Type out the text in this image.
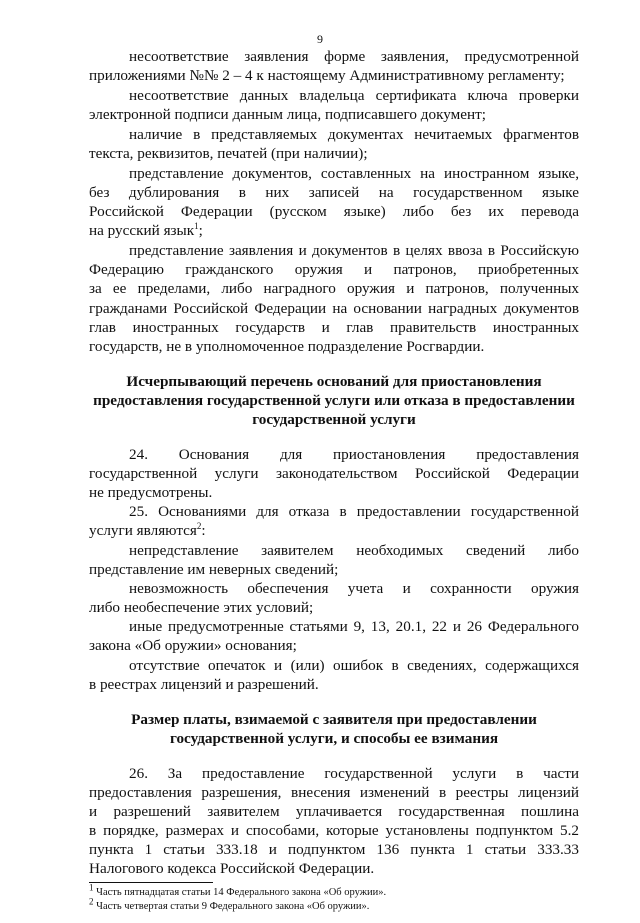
9
несоответствие заявления форме заявления, предусмотренной
приложениями №№ 2 – 4 к настоящему Административному регламенту;
несоответствие данных владельца сертификата ключа проверки
электронной подписи данным лица, подписавшего документ;
наличие в представляемых документах нечитаемых фрагментов
текста, реквизитов, печатей (при наличии);
представление документов, составленных на иностранном языке,
без дублирования в них записей на государственном языке
Российской Федерации (русском языке) либо без их перевода
на русский язык$^1$;
представление заявления и документов в целях ввоза в Российскую
Федерацию гражданского оружия и патронов, приобретенных
за ее пределами, либо наградного оружия и патронов, полученных
гражданами Российской Федерации на основании наградных документов
глав иностранных государств и глав правительств иностранных
государств, не в уполномоченное подразделение Росгвардии.
Исчерпывающий перечень оснований для приостановления
предоставления государственной услуги или отказа в предоставлении
государственной услуги
24. Основания для приостановления предоставления
государственной услуги законодательством Российской Федерации
не предусмотрены.
25. Основаниями для отказа в предоставлении государственной
услуги являются$^2$:
непредставление заявителем необходимых сведений либо
представление им неверных сведений;
невозможность обеспечения учета и сохранности оружия
либо необеспечение этих условий;
иные предусмотренные статьями 9, 13, 20.1, 22 и 26 Федерального
закона «Об оружии» основания;
отсутствие опечаток и (или) ошибок в сведениях, содержащихся
в реестрах лицензий и разрешений.
Размер платы, взимаемой с заявителя при предоставлении
государственной услуги, и способы ее взимания
26. За предоставление государственной услуги в части
предоставления разрешения, внесения изменений в реестры лицензий
и разрешений заявителем уплачивается государственная пошлина
в порядке, размерах и способами, которые установлены подпунктом 5.2
пункта 1 статьи 333.18 и подпунктом 136 пункта 1 статьи 333.33
Налогового кодекса Российской Федерации.
$^1$ Часть пятнадцатая статьи 14 Федерального закона «Об оружии».
$^2$ Часть четвертая статьи 9 Федерального закона «Об оружии».
